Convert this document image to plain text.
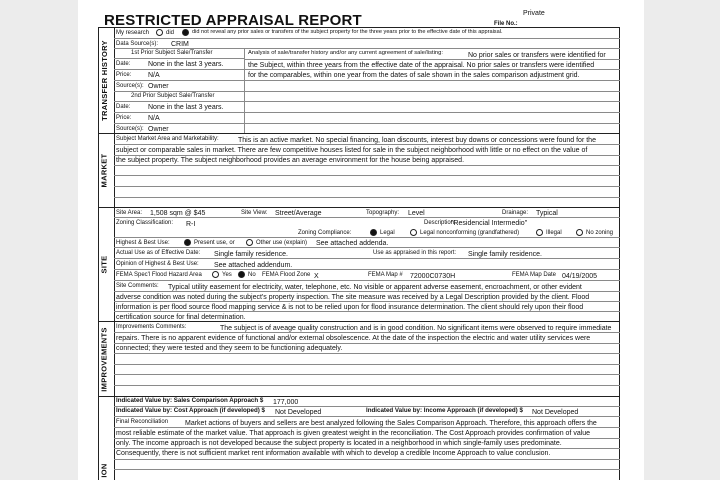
RESTRICTED APPRAISAL REPORT	Private
File No.:
TRANSFER HISTORY
My research	did	did not reveal any prior sales or transfers of the subject property for the three years prior to the effective date of this appraisal.
Data Source(s): CRIM
1st Prior Subject Sale/Transfer
Date:	None in the last 3 years.
Price: N/A
Source(s): Owner
2nd Prior Subject Sale/Transfer
Date:	None in the last 3 years.
Price: N/A
Source(s): Owner
Analysis of sale/transfer history and/or any current agreement of sale/listing:	No prior sales or transfers were identified for
the Subject, within three years from the effective date of the appraisal. No prior sales or transfers were identified
for the comparables, within one year from the dates of sale shown in the sales comparison adjustment grid.
MARKET
Subject Market Area and Marketability:	This is an active market. No special financing, loan discounts, interest buy downs or concessions were found for the
subject or comparable sales in market. There are few competitive houses listed for sale in the subject neighborhood with little or no effect on the value of
the subject property. The subject neighborhood provides an average environment for the house being appraised.
SITE
Site Area: 1,508 sqm @ $45	Site View: Street/Average	Topography: Level	Drainage: Typical
Zoning Classification: R-I	Description:
"Residencial Intermedio"
Zoning Compliance:	Legal	Legal nonconforming (grandfathered)	Illegal	No zoning
Highest & Best Use:	Present use, or	Other use (explain) See attached addenda.
Actual Use as of Effective Date: Single family residence.	Use as appraised in this report: Single family residence.
Opinion of Highest & Best Use: See attached addendum.
FEMA Spec'l Flood Hazard Area	Yes	No FEMA Flood Zone X	FEMA Map # 72000C0730H	FEMA Map Date 04/19/2005
Site Comments: Typical utility easement for electricity, water, telephone, etc. No visible or apparent adverse easement, encroachment, or other evident
adverse condition was noted during the subject's property inspection. The site measure was received by a Legal Description provided by the client. Flood
information is per flood source flood mapping service & is not to be relied upon for flood insurance determination. The client should rely upon their flood
certification source for final determination.
IMPROVEMENTS Improvements Comments:	The subject is of aveage quality construction and is in good condition. No significant items were observed to require immediate
repairs. There is no apparent evidence of functional and/or external obsolescence. At the date of the inspection the electric and water utility services were
connected; they were tested and they seem to be functioning adequately.
ION
Indicated Value by: Sales Comparison Approach $ 177,000
Indicated Value by: Cost Approach (if developed) $ Not Developed	Indicated Value by: Income Approach (if developed) $ Not Developed
Final Reconciliation Market actions of buyers and sellers are best analyzed following the Sales Comparison Approach. Therefore, this approach offers the
most reliable estimate of the market value. That approach is given greatest weight in the reconciliation. The Cost Approach provides confirmation of value
only. The income approach is not developed because the subject property is located in a neighborhood in which single-family uses predominate.
Consequently, there is not sufficient market rent information available with which to develop a credible Income Approach to value conclusion.
